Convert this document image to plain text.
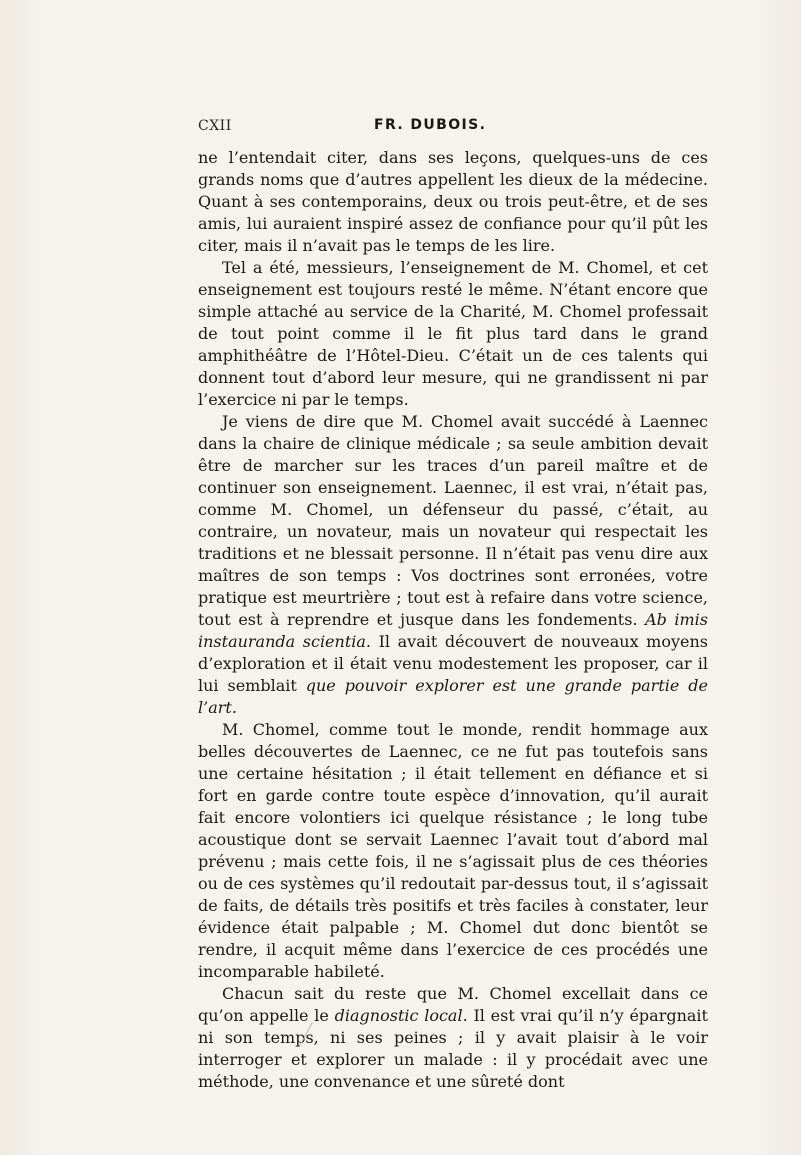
CXII	FR. DUBOIS.

ne l’entendait citer, dans ses leçons, quelques-uns de ces grands noms que d’autres appellent les dieux de la médecine. Quant à ses contemporains, deux ou trois peut-être, et de ses amis, lui auraient inspiré assez de confiance pour qu’il pût les citer, mais il n’avait pas le temps de les lire.

Tel a été, messieurs, l’enseignement de M. Chomel, et cet enseignement est toujours resté le même. N’étant encore que simple attaché au service de la Charité, M. Chomel professait de tout point comme il le fit plus tard dans le grand amphithéâtre de l’Hôtel-Dieu. C’était un de ces talents qui donnent tout d’abord leur mesure, qui ne grandissent ni par l’exercice ni par le temps.

Je viens de dire que M. Chomel avait succédé à Laennec dans la chaire de clinique médicale ; sa seule ambition devait être de marcher sur les traces d’un pareil maître et de continuer son enseignement. Laennec, il est vrai, n’était pas, comme M. Chomel, un défenseur du passé, c’était, au contraire, un novateur, mais un novateur qui respectait les traditions et ne blessait personne. Il n’était pas venu dire aux maîtres de son temps : Vos doctrines sont erronées, votre pratique est meurtrière ; tout est à refaire dans votre science, tout est à reprendre et jusque dans les fondements. Ab imis instauranda scientia. Il avait découvert de nouveaux moyens d’exploration et il était venu modestement les proposer, car il lui semblait que pouvoir explorer est une grande partie de l’art.

M. Chomel, comme tout le monde, rendit hommage aux belles découvertes de Laennec, ce ne fut pas toutefois sans une certaine hésitation ; il était tellement en défiance et si fort en garde contre toute espèce d’innovation, qu’il aurait fait encore volontiers ici quelque résistance ; le long tube acoustique dont se servait Laennec l’avait tout d’abord mal prévenu ; mais cette fois, il ne s’agissait plus de ces théories ou de ces systèmes qu’il redoutait par-dessus tout, il s’agissait de faits, de détails très positifs et très faciles à constater, leur évidence était palpable ; M. Chomel dut donc bientôt se rendre, il acquit même dans l’exercice de ces procédés une incomparable habileté.

Chacun sait du reste que M. Chomel excellait dans ce qu’on appelle le diagnostic local. Il est vrai qu’il n’y épargnait ni son temps, ni ses peines ; il y avait plaisir à le voir interroger et explorer un malade : il y procédait avec une méthode, une convenance et une sûreté dont
